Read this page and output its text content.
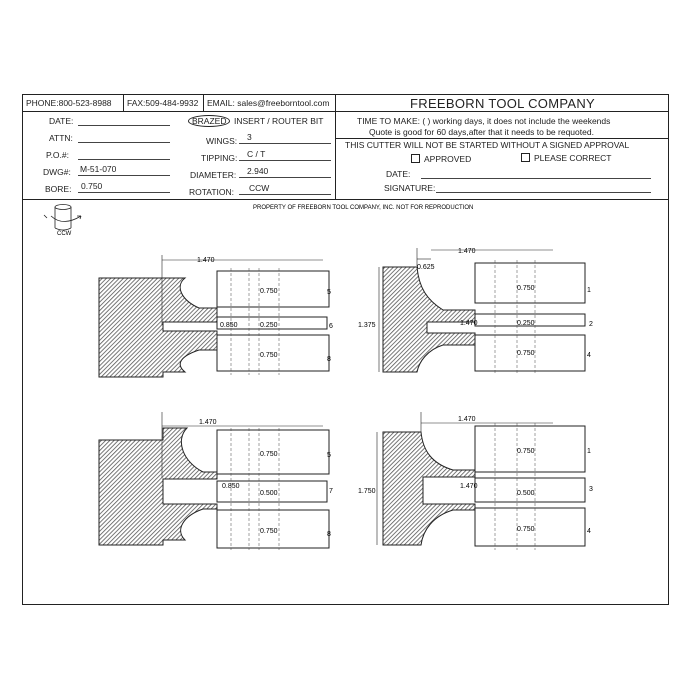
PHONE:800-523-8988	FAX:509-484-9932	EMAIL: sales@freeborntool.com	FREEBORN TOOL COMPANY
DATE:
ATTN:
P.O.#:
DWG#: M-51-070
BORE: 0.750
BRAZED INSERT / ROUTER BIT
WINGS: 3
TIPPING: C / T
DIAMETER: 2.940
ROTATION: CCW
TIME TO MAKE: ( ) working days, it does not include the weekends
Quote is good for 60 days,after that it needs to be requoted.
THIS CUTTER WILL NOT BE STARTED WITHOUT A SIGNED APPROVAL
APPROVED	PLEASE CORRECT
DATE:
SIGNATURE:
PROPERTY OF FREEBORN TOOL COMPANY, INC. NOT FOR REPRODUCTION
CCW
1.470
0.750
0.850	0.250
0.750
5
6
8
1.375
0.625
1.470
0.750
1.470	0.250
0.750
1
2
4
1.470
0.750
0.850
0.500
0.750
5
7
8
1.750
1.470
0.750
1.470
0.500
0.750
1
3
4
